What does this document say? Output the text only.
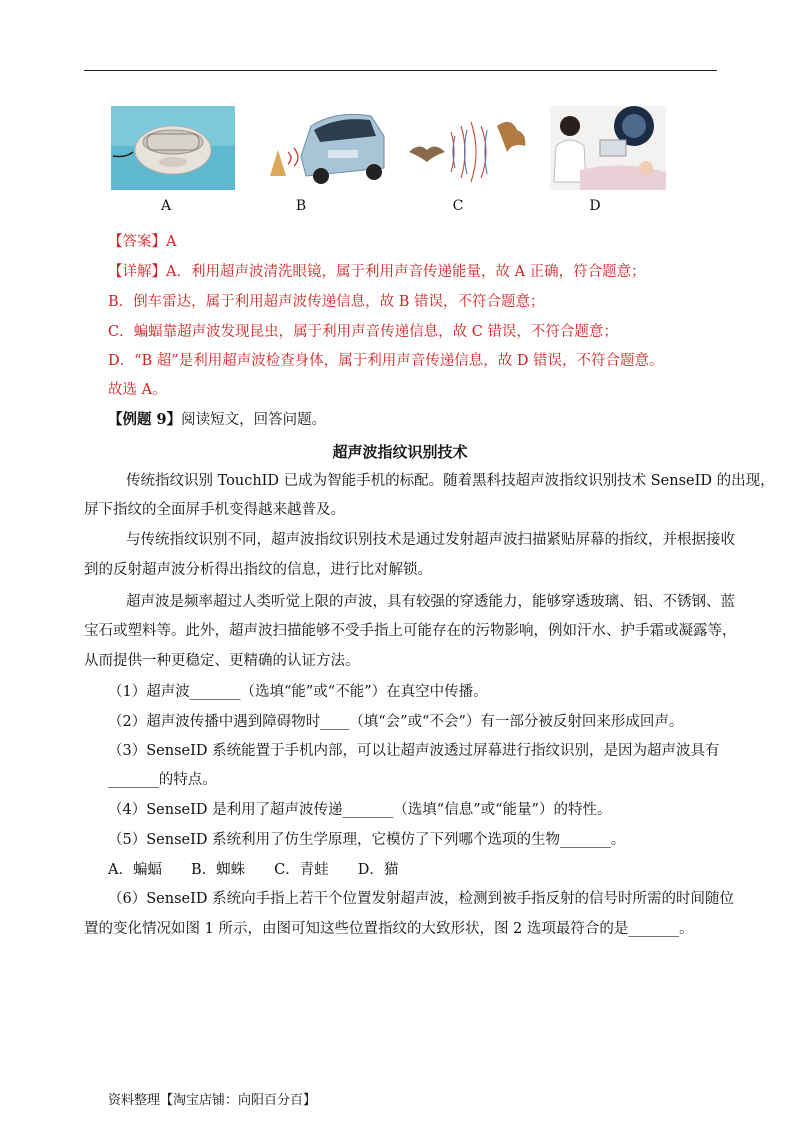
A	B	C	D
【答案】A
【详解】A．利用超声波清洗眼镜，属于利用声音传递能量，故 A 正确，符合题意；
B．倒车雷达，属于利用超声波传递信息，故 B 错误，不符合题意；
C．蝙蝠靠超声波发现昆虫，属于利用声音传递信息，故 C 错误，不符合题意；
D．“B 超”是利用超声波检查身体，属于利用声音传递信息，故 D 错误，不符合题意。
故选 A。
【例题 9】阅读短文，回答问题。
超声波指纹识别技术
传统指纹识别 TouchID 已成为智能手机的标配。随着黑科技超声波指纹识别技术 SenseID 的出现，
屏下指纹的全面屏手机变得越来越普及。
与传统指纹识别不同，超声波指纹识别技术是通过发射超声波扫描紧贴屏幕的指纹，并根据接收
到的反射超声波分析得出指纹的信息，进行比对解锁。
超声波是频率超过人类听觉上限的声波，具有较强的穿透能力，能够穿透玻璃、铝、不锈钢、蓝
宝石或塑料等。此外，超声波扫描能够不受手指上可能存在的污物影响，例如汗水、护手霜或凝露等，
从而提供一种更稳定、更精确的认证方法。
（1）超声波_______（选填“能”或“不能”）在真空中传播。
（2）超声波传播中遇到障碍物时____（填“会”或“不会”）有一部分被反射回来形成回声。
（3）SenseID 系统能置于手机内部，可以让超声波透过屏幕进行指纹识别，是因为超声波具有
_______的特点。
（4）SenseID 是利用了超声波传递_______（选填“信息”或“能量”）的特性。
（5）SenseID 系统利用了仿生学原理，它模仿了下列哪个选项的生物_______。
A．蝙蝠　　B．蜘蛛　　C．青蛙　　D．猫
（6）SenseID 系统向手指上若干个位置发射超声波，检测到被手指反射的信号时所需的时间随位
置的变化情况如图 1 所示，由图可知这些位置指纹的大致形状，图 2 选项最符合的是_______。
资料整理【淘宝店铺：向阳百分百】
